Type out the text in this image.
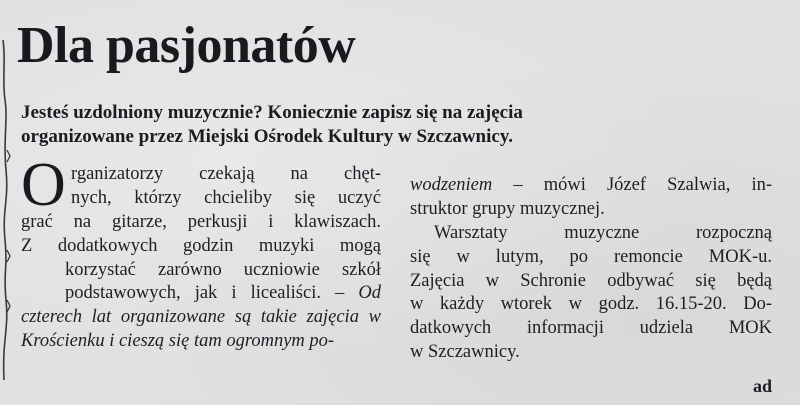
Dla pasjonatów
Jesteś uzdolniony muzycznie? Koniecznie zapisz się na zajęcia
organizowane przez Miejski Ośrodek Kultury w Szczawnicy.
O rganizatorzy czekają na chęt-
nych, którzy chcieliby się uczyć
grać na gitarze, perkusji i klawiszach.
Z dodatkowych godzin muzyki mogą
korzystać zarówno uczniowie szkół
podstawowych, jak i licealiści. – Od
czterech lat organizowane są takie zajęcia w
Krościenku i cieszą się tam ogromnym po-
wodzeniem – mówi Józef Szalwia, in-
struktor grupy muzycznej.
Warsztaty muzyczne rozpoczną
się w lutym, po remoncie MOK-u.
Zajęcia w Schronie odbywać się będą
w każdy wtorek w godz. 16.15-20. Do-
datkowych informacji udziela MOK
w Szczawnicy.
ad
